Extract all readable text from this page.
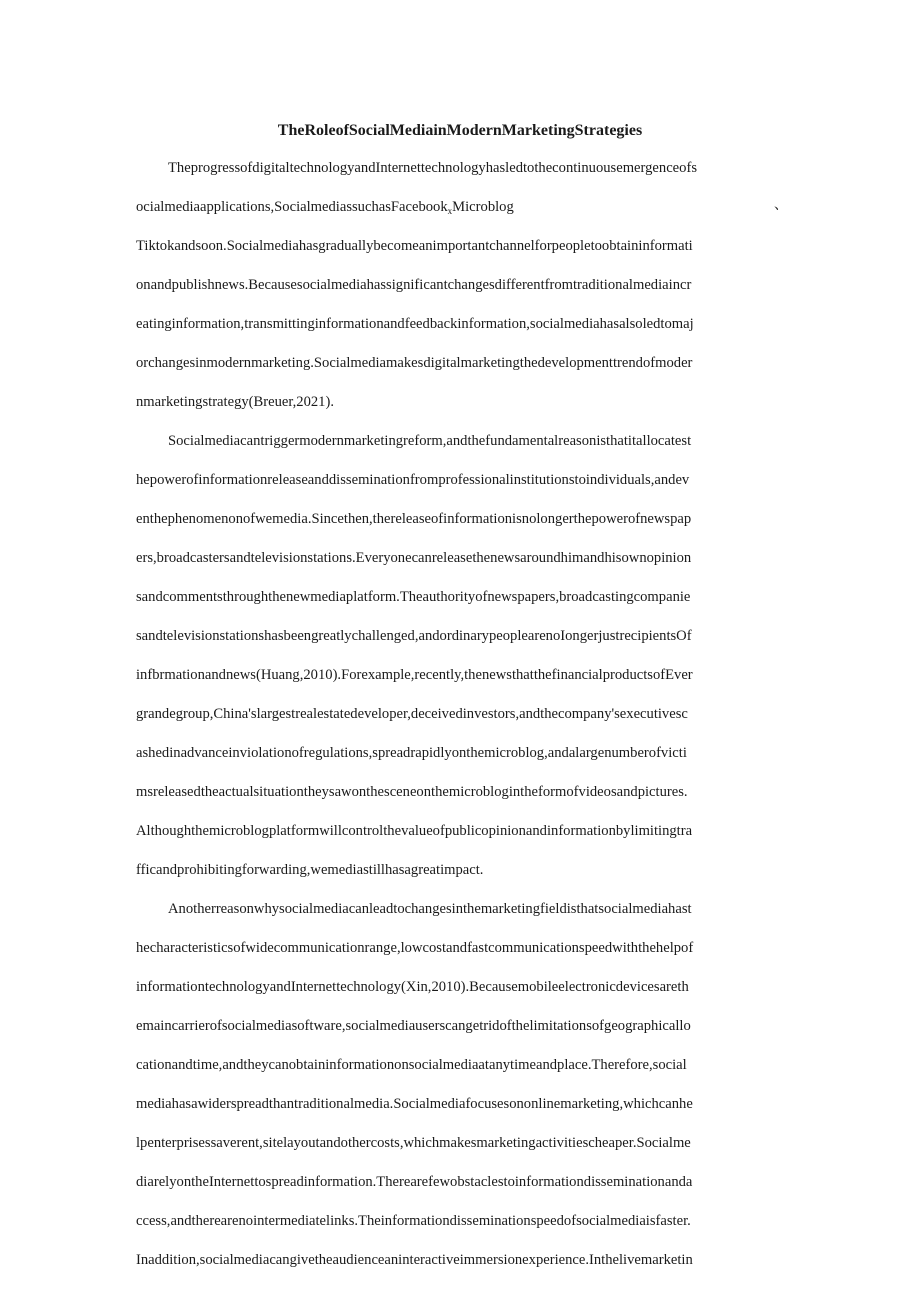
TheRoleofSocialMediainModernMarketingStrategies

TheprogressofdigitaltechnologyandInternettechnologyhasledtothecontinuousemergenceofs

ocialmediaapplications,SocialmediassuchasFacebook$_x$Microblog	、

Tiktokandsoon.Socialmediahasgraduallybecomeanimportantchannelforpeopletoobtaininformati

onandpublishnews.Becausesocialmediahassignificantchangesdifferentfromtraditionalmediaincr

eatinginformation,transmittinginformationandfeedbackinformation,socialmediahasalsoledtomaj

orchangesinmodernmarketing.Socialmediamakesdigitalmarketingthedevelopmenttrendofmoder

nmarketingstrategy(Breuer,2021).

Socialmediacantriggermodernmarketingreform,andthefundamentalreasonisthatitallocatest

hepowerofinformationreleaseanddisseminationfromprofessionalinstitutionstoindividuals,andev

enthephenomenonofwemedia.Sincethen,thereleaseofinformationisnolongerthepowerofnewspap

ers,broadcastersandtelevisionstations.Everyonecanreleasethenewsaroundhimandhisownopinion

sandcommentsthroughthenewmediaplatform.Theauthorityofnewspapers,broadcastingcompanie

sandtelevisionstationshasbeengreatlychallenged,andordinarypeoplearenoIongerjustrecipientsOf

infbrmationandnews(Huang,2010).Forexample,recently,thenewsthatthefinancialproductsofEver

grandegroup,China'slargestrealestatedeveloper,deceivedinvestors,andthecompany'sexecutivesc

ashedinadvanceinviolationofregulations,spreadrapidlyonthemicroblog,andalargenumberofvicti

msreleasedtheactualsituationtheysawonthesceneonthemicroblogintheformofvideosandpictures.

Althoughthemicroblogplatformwillcontrolthevalueofpublicopinionandinformationbylimitingtra

fficandprohibitingforwarding,wemediastillhasagreatimpact.

Anotherreasonwhysocialmediacanleadtochangesinthemarketingfieldisthatsocialmediahast

hecharacteristicsofwidecommunicationrange,lowcostandfastcommunicationspeedwiththehelpof

informationtechnologyandInternettechnology(Xin,2010).Becausemobileelectronicdevicesareth

emaincarrierofsocialmediasoftware,socialmediauserscangetridofthelimitationsofgeographicallo

cationandtime,andtheycanobtaininformationonsocialmediaatanytimeandplace.Therefore,social

mediahasawiderspreadthantraditionalmedia.Socialmediafocusesononlinemarketing,whichcanhe

lpenterprisessaverent,sitelayoutandothercosts,whichmakesmarketingactivitiescheaper.Socialme

diarelyontheInternettospreadinformation.Therearefewobstaclestoinformationdisseminationanda

ccess,andtherearenointermediatelinks.Theinformationdisseminationspeedofsocialmediaisfaster.

Inaddition,socialmediacangivetheaudienceaninteractiveimmersionexperience.Inthelivemarketin
